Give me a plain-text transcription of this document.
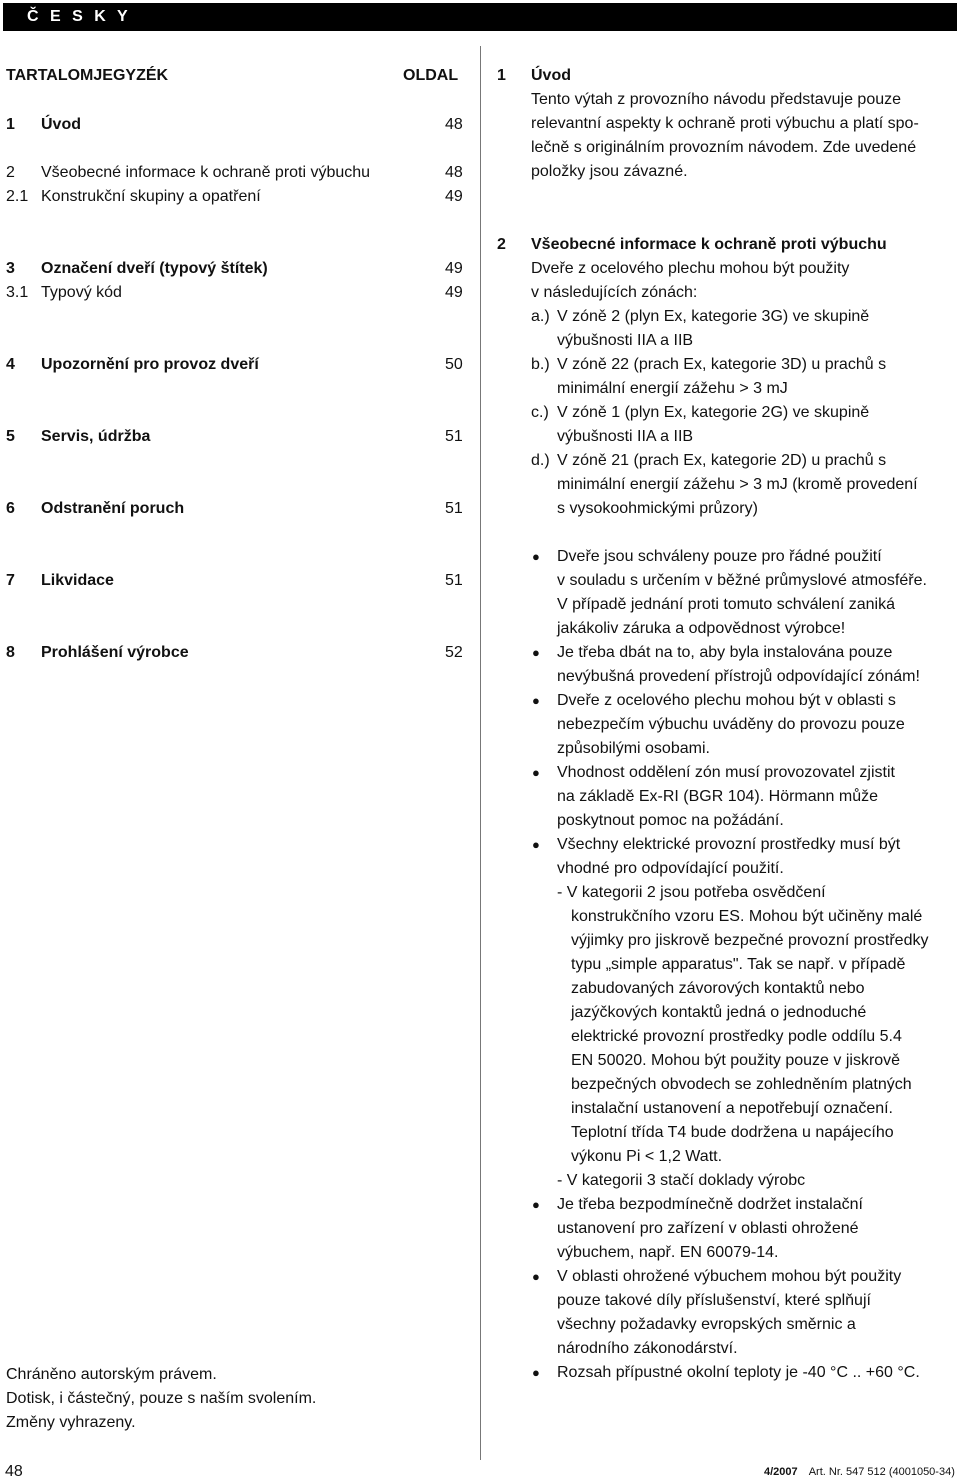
Č E S K Y
TARTALOMJEGYZÉK	OLDAL
1 Úvod	48
2 Všeobecné informace k ochraně proti výbuchu	48
2.1 Konstrukční skupiny a opatření	49
3 Označení dveří (typový štítek)	49
3.1 Typový kód	49
4 Upozornění pro provoz dveří	50
5 Servis, údržba	51
6 Odstranění poruch	51
7 Likvidace	51
8 Prohlášení výrobce	52
Chráněno autorským právem.
Dotisk, i částečný, pouze s naším svolením.
Změny vyhrazeny.
1 Úvod
Tento výtah z provozního návodu představuje pouze
relevantní aspekty k ochraně proti výbuchu a platí spo-
lečně s originálním provozním návodem. Zde uvedené
položky jsou závazné.
2 Všeobecné informace k ochraně proti výbuchu
Dveře z ocelového plechu mohou být použity
v následujících zónách:
a.) V zóně 2 (plyn Ex, kategorie 3G) ve skupině
výbušnosti IIA a IIB
b.) V zóně 22 (prach Ex, kategorie 3D) u prachů s
minimální energií zážehu > 3 mJ
c.) V zóně 1 (plyn Ex, kategorie 2G) ve skupině
výbušnosti IIA a IIB
d.) V zóně 21 (prach Ex, kategorie 2D) u prachů s
minimální energií zážehu > 3 mJ (kromě provedení
s vysokoohmickými průzory)
● Dveře jsou schváleny pouze pro řádné použití
v souladu s určením v běžné průmyslové atmosféře.
V případě jednání proti tomuto schválení zaniká
jakákoliv záruka a odpovědnost výrobce!
● Je třeba dbát na to, aby byla instalována pouze
nevýbušná provedení přístrojů odpovídající zónám!
● Dveře z ocelového plechu mohou být v oblasti s
nebezpečím výbuchu uváděny do provozu pouze
způsobilými osobami.
● Vhodnost oddělení zón musí provozovatel zjistit
na základě Ex-RI (BGR 104). Hörmann může
poskytnout pomoc na požádání.
● Všechny elektrické provozní prostředky musí být
vhodné pro odpovídající použití.
- V kategorii 2 jsou potřeba osvědčení
konstrukčního vzoru ES. Mohou být učiněny malé
výjimky pro jiskrově bezpečné provozní prostředky
typu „simple apparatus". Tak se např. v případě
zabudovaných závorových kontaktů nebo
jazýčkových kontaktů jedná o jednoduché
elektrické provozní prostředky podle oddílu 5.4
EN 50020. Mohou být použity pouze v jiskrově
bezpečných obvodech se zohledněním platných
instalační ustanovení a nepotřebují označení.
Teplotní třída T4 bude dodržena u napájecího
výkonu Pi < 1,2 Watt.
- V kategorii 3 stačí doklady výrobc
● Je třeba bezpodmínečně dodržet instalační
ustanovení pro zařízení v oblasti ohrožené
výbuchem, např. EN 60079-14.
● V oblasti ohrožené výbuchem mohou být použity
pouze takové díly příslušenství, které splňují
všechny požadavky evropských směrnic a
národního zákonodárství.
● Rozsah přípustné okolní teploty je -40 °C .. +60 °C.
48	4/2007 Art. Nr. 547 512 (4001050-34)
